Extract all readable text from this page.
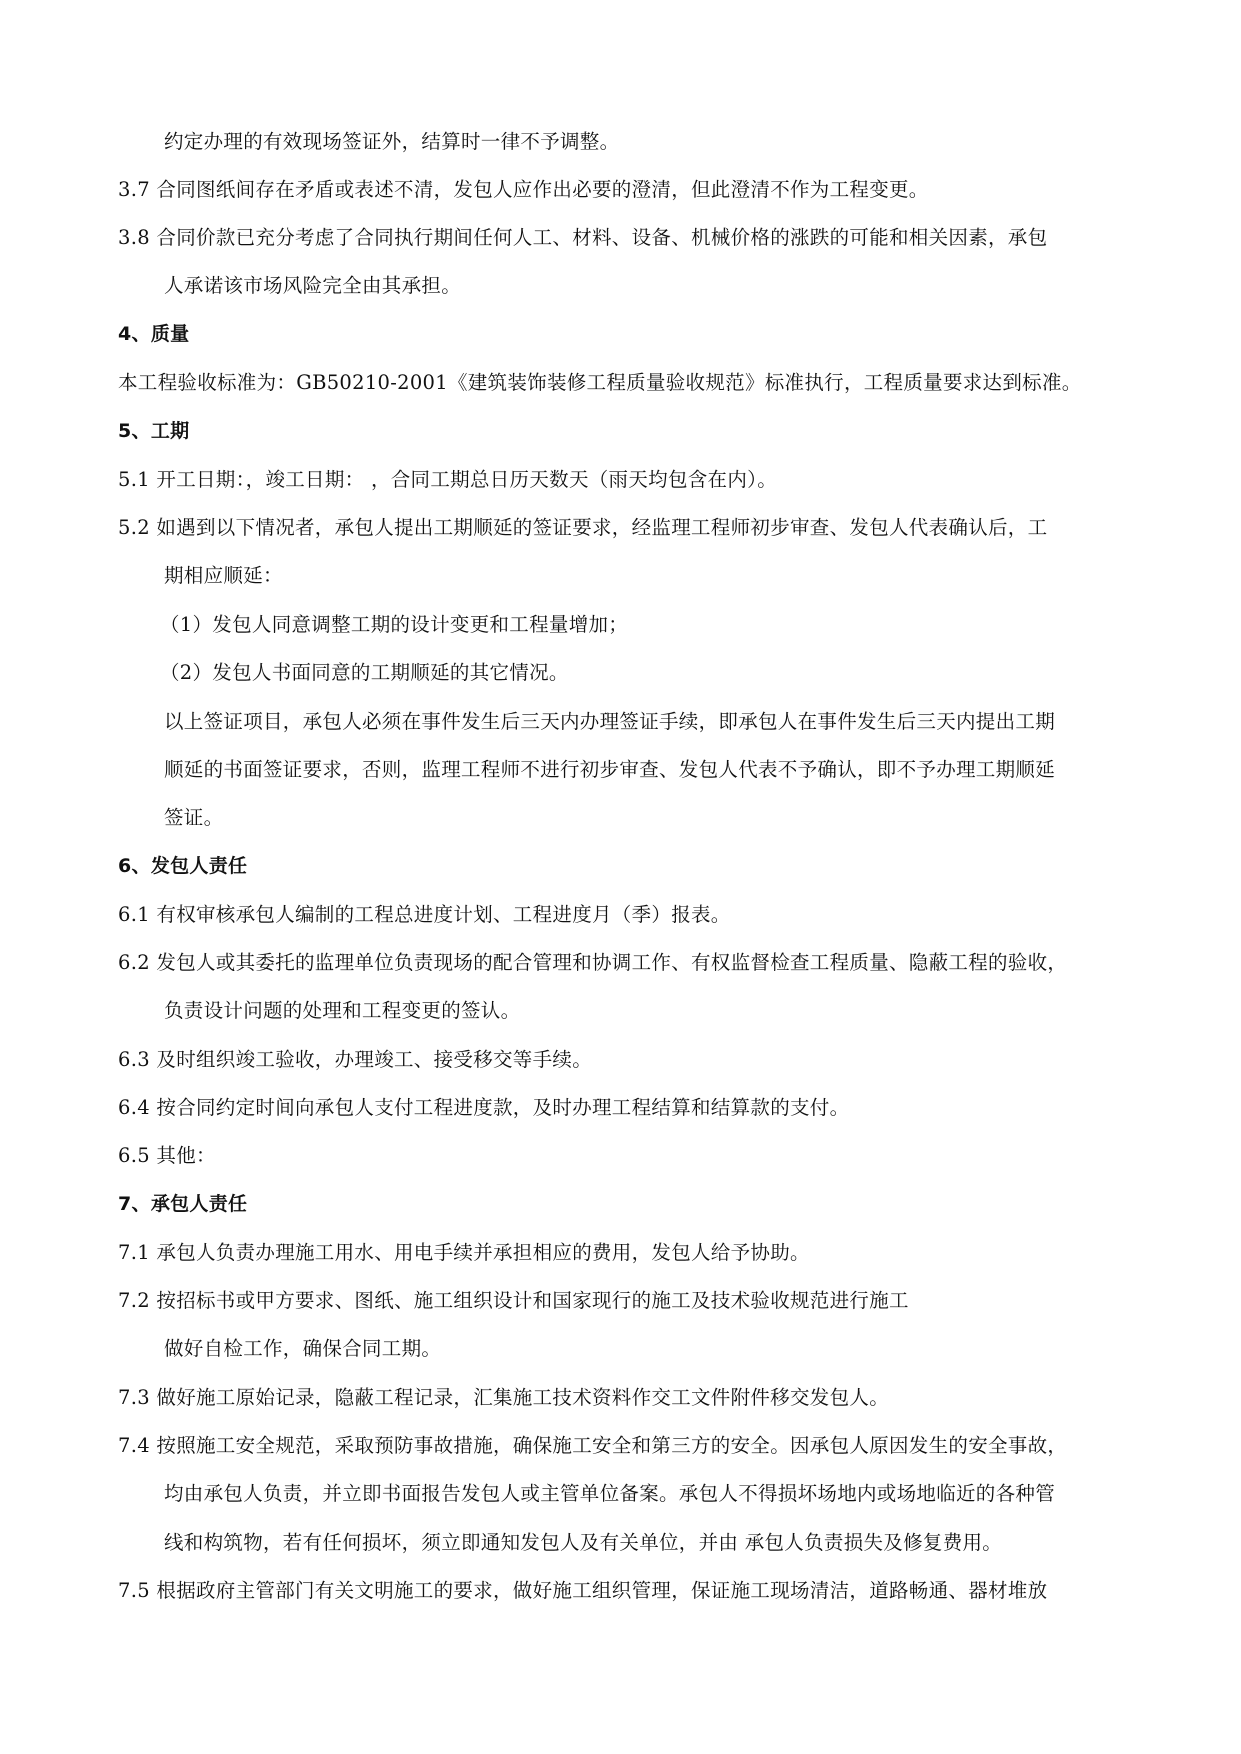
约定办理的有效现场签证外，结算时一律不予调整。
3.7 合同图纸间存在矛盾或表述不清，发包人应作出必要的澄清，但此澄清不作为工程变更。
3.8 合同价款已充分考虑了合同执行期间任何人工、材料、设备、机械价格的涨跌的可能和相关因素，承包
人承诺该市场风险完全由其承担。
4、质量
本工程验收标准为：GB50210-2001《建筑装饰装修工程质量验收规范》标准执行，工程质量要求达到标准。
5、工期
5.1 开工日期：，竣工日期： ，合同工期总日历天数天（雨天均包含在内）。
5.2 如遇到以下情况者，承包人提出工期顺延的签证要求，经监理工程师初步审查、发包人代表确认后，工
期相应顺延：
（1）发包人同意调整工期的设计变更和工程量增加；
（2）发包人书面同意的工期顺延的其它情况。
以上签证项目，承包人必须在事件发生后三天内办理签证手续，即承包人在事件发生后三天内提出工期
顺延的书面签证要求，否则，监理工程师不进行初步审查、发包人代表不予确认，即不予办理工期顺延
签证。
6、发包人责任
6.1 有权审核承包人编制的工程总进度计划、工程进度月（季）报表。
6.2 发包人或其委托的监理单位负责现场的配合管理和协调工作、有权监督检查工程质量、隐蔽工程的验收，
负责设计问题的处理和工程变更的签认。
6.3 及时组织竣工验收，办理竣工、接受移交等手续。
6.4 按合同约定时间向承包人支付工程进度款，及时办理工程结算和结算款的支付。
6.5 其他：
7、承包人责任
7.1 承包人负责办理施工用水、用电手续并承担相应的费用，发包人给予协助。
7.2 按招标书或甲方要求、图纸、施工组织设计和国家现行的施工及技术验收规范进行施工
做好自检工作，确保合同工期。
7.3 做好施工原始记录，隐蔽工程记录，汇集施工技术资料作交工文件附件移交发包人。
7.4 按照施工安全规范，采取预防事故措施，确保施工安全和第三方的安全。因承包人原因发生的安全事故，
均由承包人负责，并立即书面报告发包人或主管单位备案。承包人不得损坏场地内或场地临近的各种管
线和构筑物，若有任何损坏，须立即通知发包人及有关单位，并由 承包人负责损失及修复费用。
7.5 根据政府主管部门有关文明施工的要求，做好施工组织管理，保证施工现场清洁，道路畅通、器材堆放
